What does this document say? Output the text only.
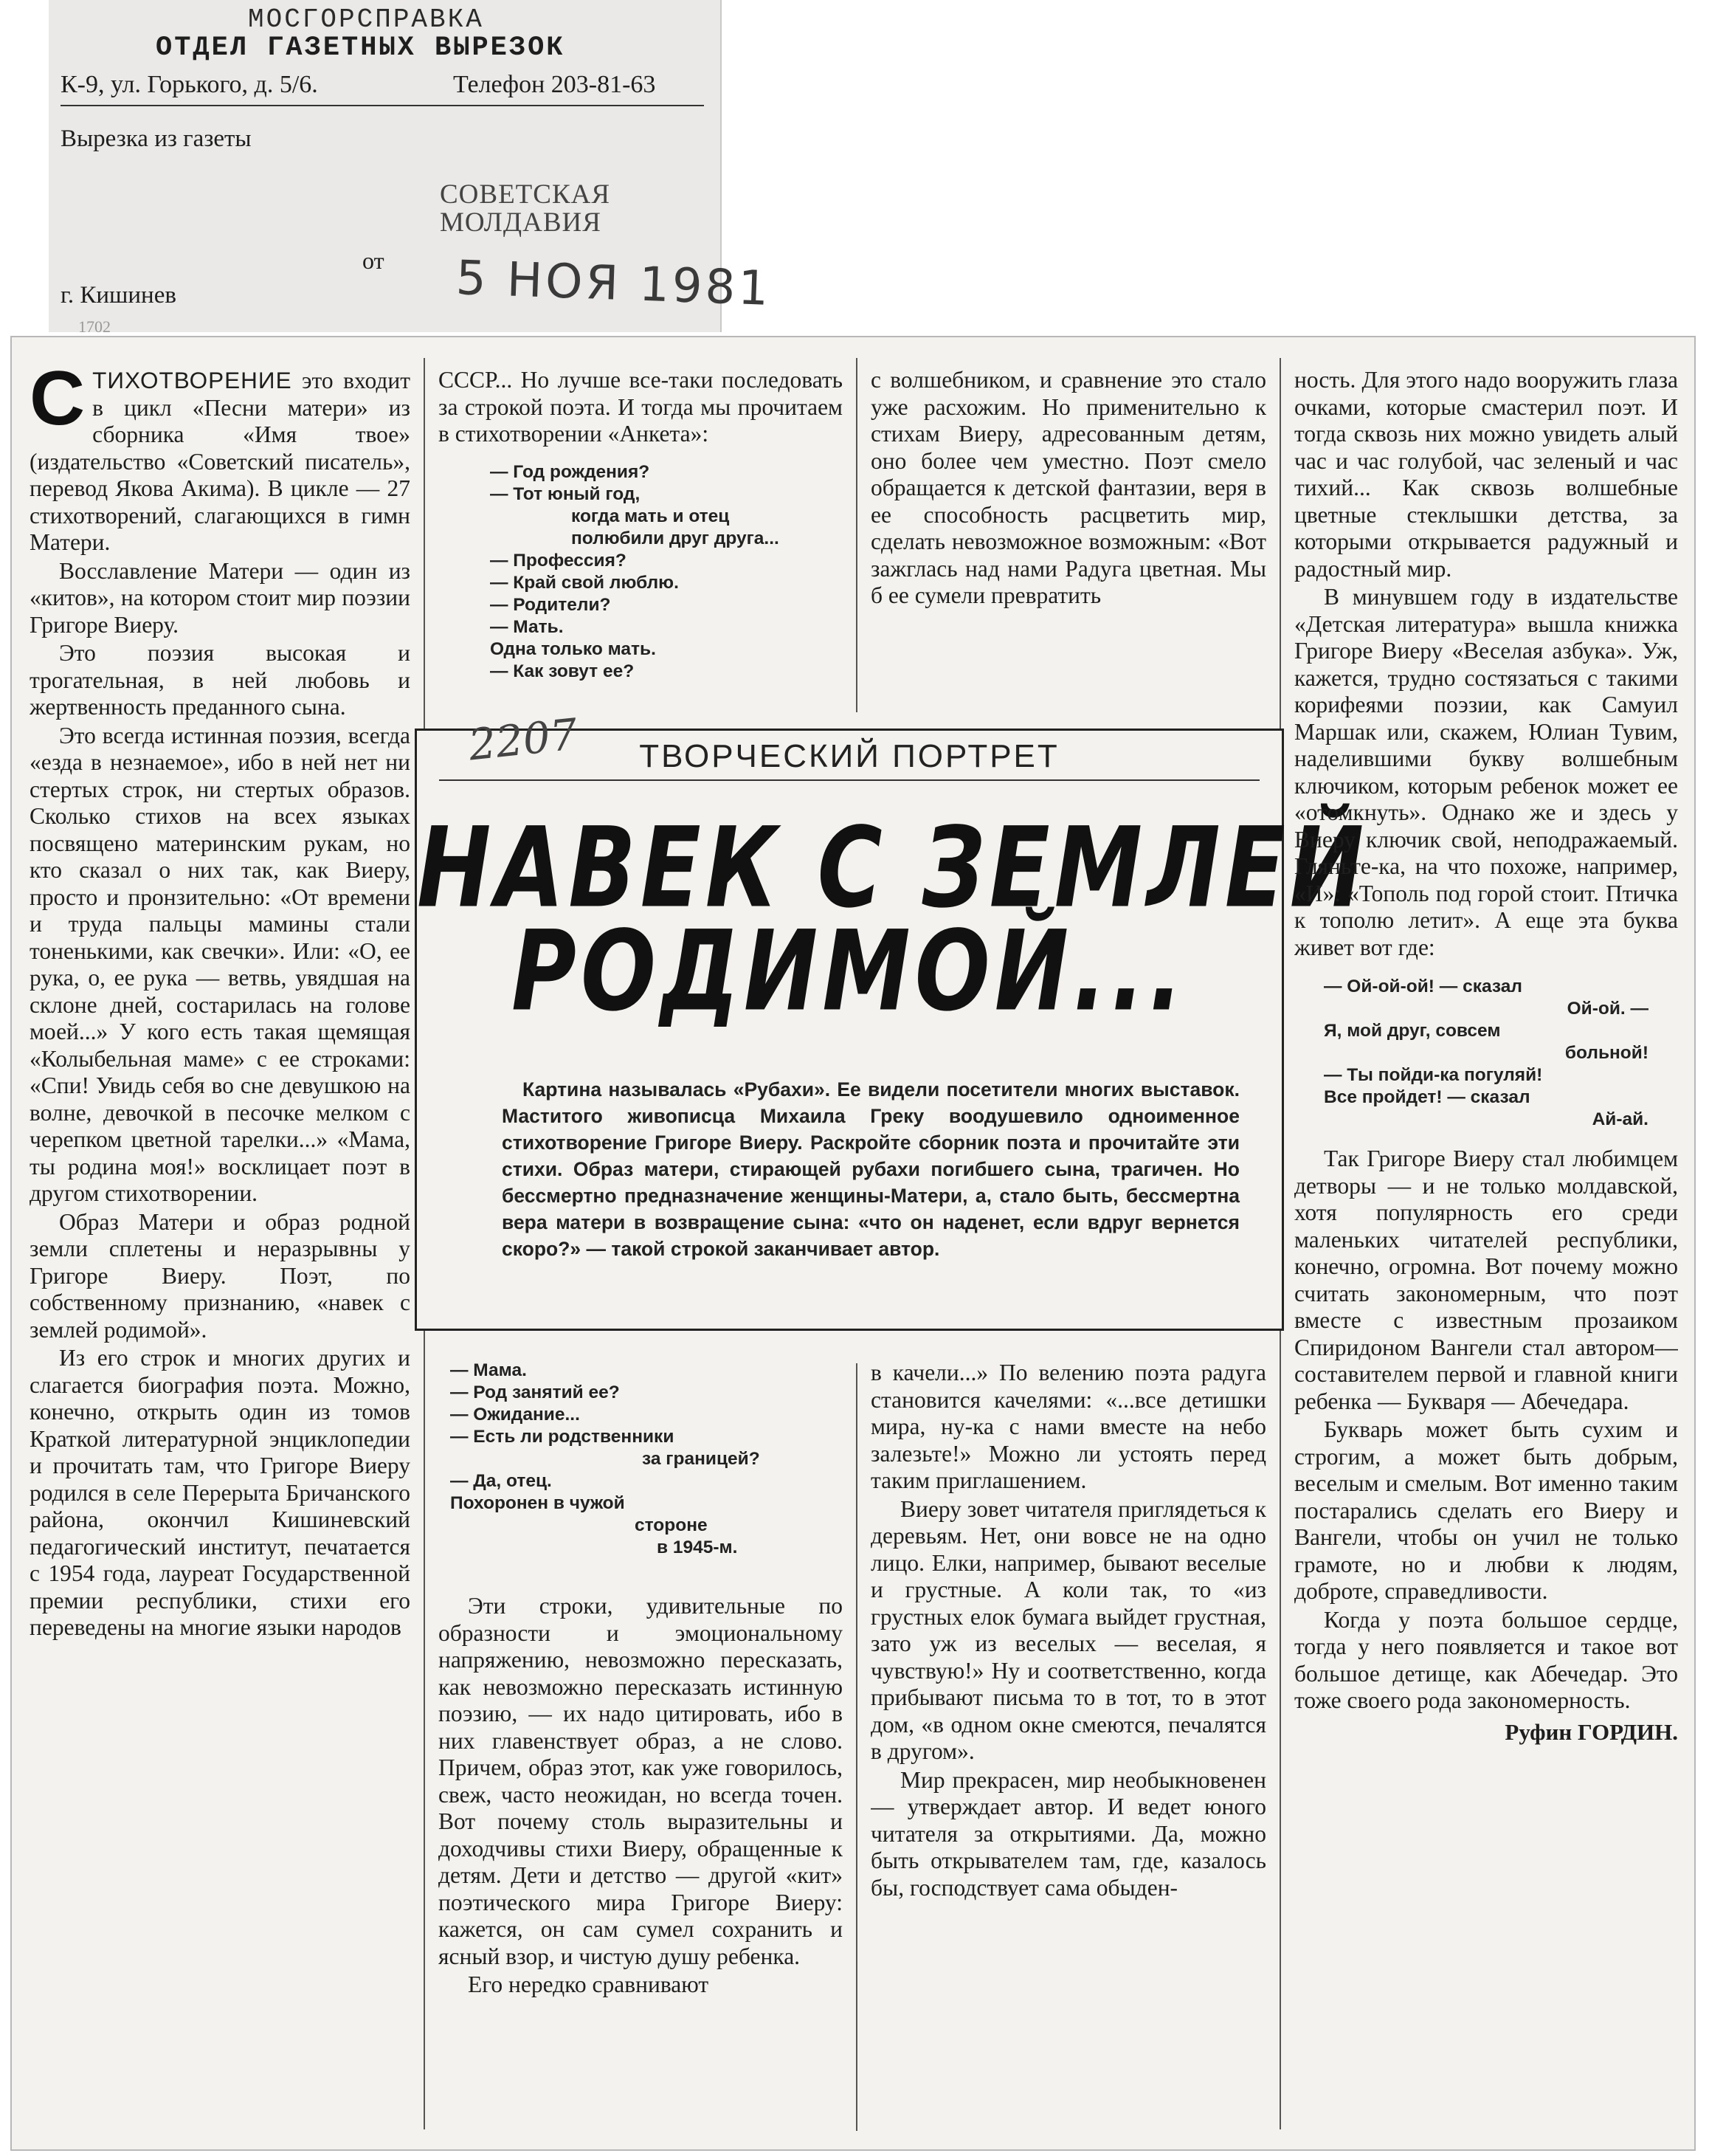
МОСГОРСПРАВКА
ОТДЕЛ ГАЗЕТНЫХ ВЫРЕЗОК
К-9, ул. Горького, д. 5/6.	Телефон 203-81-63
Вырезка из газеты
СОВЕТСКАЯ
МОЛДАВИЯ
от 5 НОЯ 1981
г. Кишинев
1702

СТИХОТВОРЕНИЕ это входит в цикл «Песни матери» из сборника «Имя твое» (издательство «Советский писатель», перевод Якова Акима). В цикле — 27 стихотворений, слагающихся в гимн Матери.

Восславление Матери — один из «китов», на котором стоит мир поэзии Григоре Виеру.

Это поэзия высокая и трогательная, в ней любовь и жертвенность преданного сына.

Это всегда истинная поэзия, всегда «езда в незнаемое», ибо в ней нет ни стертых строк, ни стертых образов. Сколько стихов на всех языках посвящено материнским рукам, но кто сказал о них так, как Виеру, просто и пронзительно: «От времени и труда пальцы мамины стали тоненькими, как свечки». Или: «О, ее рука, о, ее рука — ветвь, увядшая на склоне дней, состарилась на голове моей...» У кого есть такая щемящая «Колыбельная маме» с ее строками: «Спи! Увидь себя во сне девушкою на волне, девочкой в песочке мелком с черепком цветной тарелки...» «Мама, ты родина моя!» восклицает поэт в другом стихотворении.

Образ Матери и образ родной земли сплетены и неразрывны у Григоре Виеру. Поэт, по собственному признанию, «навек с землей родимой».

Из его строк и многих других и слагается биография поэта. Можно, конечно, открыть один из томов Краткой литературной энциклопедии и прочитать там, что Григоре Виеру родился в селе Перерыта Бричанского района, окончил Кишиневский педагогический институт, печатается с 1954 года, лауреат Государственной премии республики, стихи его переведены на многие языки народов

СССР... Но лучше все-таки последовать за строкой поэта. И тогда мы прочитаем в стихотворении «Анкета»:

— Год рождения?
— Тот юный год,
когда мать и отец
полюбили друг друга...
— Профессия?
— Край свой люблю.
— Родители?
— Мать.
Одна только мать.
— Как зовут ее?

с волшебником, и сравнение это стало уже расхожим. Но применительно к стихам Виеру, адресованным детям, оно более чем уместно. Поэт смело обращается к детской фантазии, веря в ее способность расцветить мир, сделать невозможное возможным: «Вот зажглась над нами Радуга цветная. Мы б ее сумели превратить

ТВОРЧЕСКИЙ ПОРТРЕТ
2207
НАВЕК С ЗЕМЛЕЙ
РОДИМОЙ...
Картина называлась «Рубахи». Ее видели посетители многих выставок. Маститого живописца Михаила Греку воодушевило одноименное стихотворение Григоре Виеру. Раскройте сборник поэта и прочитайте эти стихи. Образ матери, стирающей рубахи погибшего сына, трагичен. Но бессмертно предназначение женщины-Матери, а, стало быть, бессмертна вера матери в возвращение сына: «что он наденет, если вдруг вернется скоро?» — такой строкой заканчивает автор.
— Мама.
— Род занятий ее?
— Ожидание...
— Есть ли родственники
за границей?
— Да, отец.
Похоронен в чужой
стороне
в 1945-м.

Эти строки, удивительные по образности и эмоциональному напряжению, невозможно пересказать, как невозможно пересказать истинную поэзию, — их надо цитировать, ибо в них главенствует образ, а не слово. Причем, образ этот, как уже говорилось, свеж, часто неожидан, но всегда точен. Вот почему столь выразительны и доходчивы стихи Виеру, обращенные к детям. Дети и детство — другой «кит» поэтического мира Григоре Виеру: кажется, он сам сумел сохранить и ясный взор, и чистую душу ребенка.

Его нередко сравнивают

в качели...» По велению поэта радуга становится качелями: «...все детишки мира, ну-ка с нами вместе на небо залезьте!» Можно ли устоять перед таким приглашением.

Виеру зовет читателя приглядеться к деревьям. Нет, они вовсе не на одно лицо. Елки, например, бывают веселые и грустные. А коли так, то «из грустных елок бумага выйдет грустная, зато уж из веселых — веселая, я чувствую!» Ну и соответственно, когда прибывают письма то в тот, то в этот дом, «в одном окне смеются, печалятся в другом».

Мир прекрасен, мир необыкновенен — утверждает автор. И ведет юного читателя за открытиями. Да, можно быть открывателем там, где, казалось бы, господствует сама обыден-

ность. Для этого надо вооружить глаза очками, которые смастерил поэт. И тогда сквозь них можно увидеть алый час и час голубой, час зеленый и час тихий... Как сквозь волшебные цветные стеклышки детства, за которыми открывается радужный и радостный мир.

В минувшем году в издательстве «Детская литература» вышла книжка Григоре Виеру «Веселая азбука». Уж, кажется, трудно состязаться с такими корифеями поэзии, как Самуил Маршак или, скажем, Юлиан Тувим, наделившими букву волшебным ключиком, которым ребенок может ее «отомкнуть». Однако же и здесь у Виеру ключик свой, неподражаемый. Гляньте-ка, на что похоже, например, «И»: «Тополь под горой стоит. Птичка к тополю летит». А еще эта буква живет вот где:

— Ой-ой-ой! — сказал
Ой-ой. —
Я, мой друг, совсем
больной!
— Ты пойди-ка погуляй!
Все пройдет! — сказал
Ай-ай.

Так Григоре Виеру стал любимцем детворы — и не только молдавской, хотя популярность его среди маленьких читателей республики, конечно, огромна. Вот почему можно считать закономерным, что поэт вместе с известным прозаиком Спиридоном Вангели стал автором—составителем первой и главной книги ребенка — Букваря — Абечедара.

Букварь может быть сухим и строгим, а может быть добрым, веселым и смелым. Вот именно таким постарались сделать его Виеру и Вангели, чтобы он учил не только грамоте, но и любви к людям, доброте, справедливости.

Когда у поэта большое сердце, тогда у него появляется и такое вот большое детище, как Абечедар. Это тоже своего рода закономерность.

Руфин ГОРДИН.
